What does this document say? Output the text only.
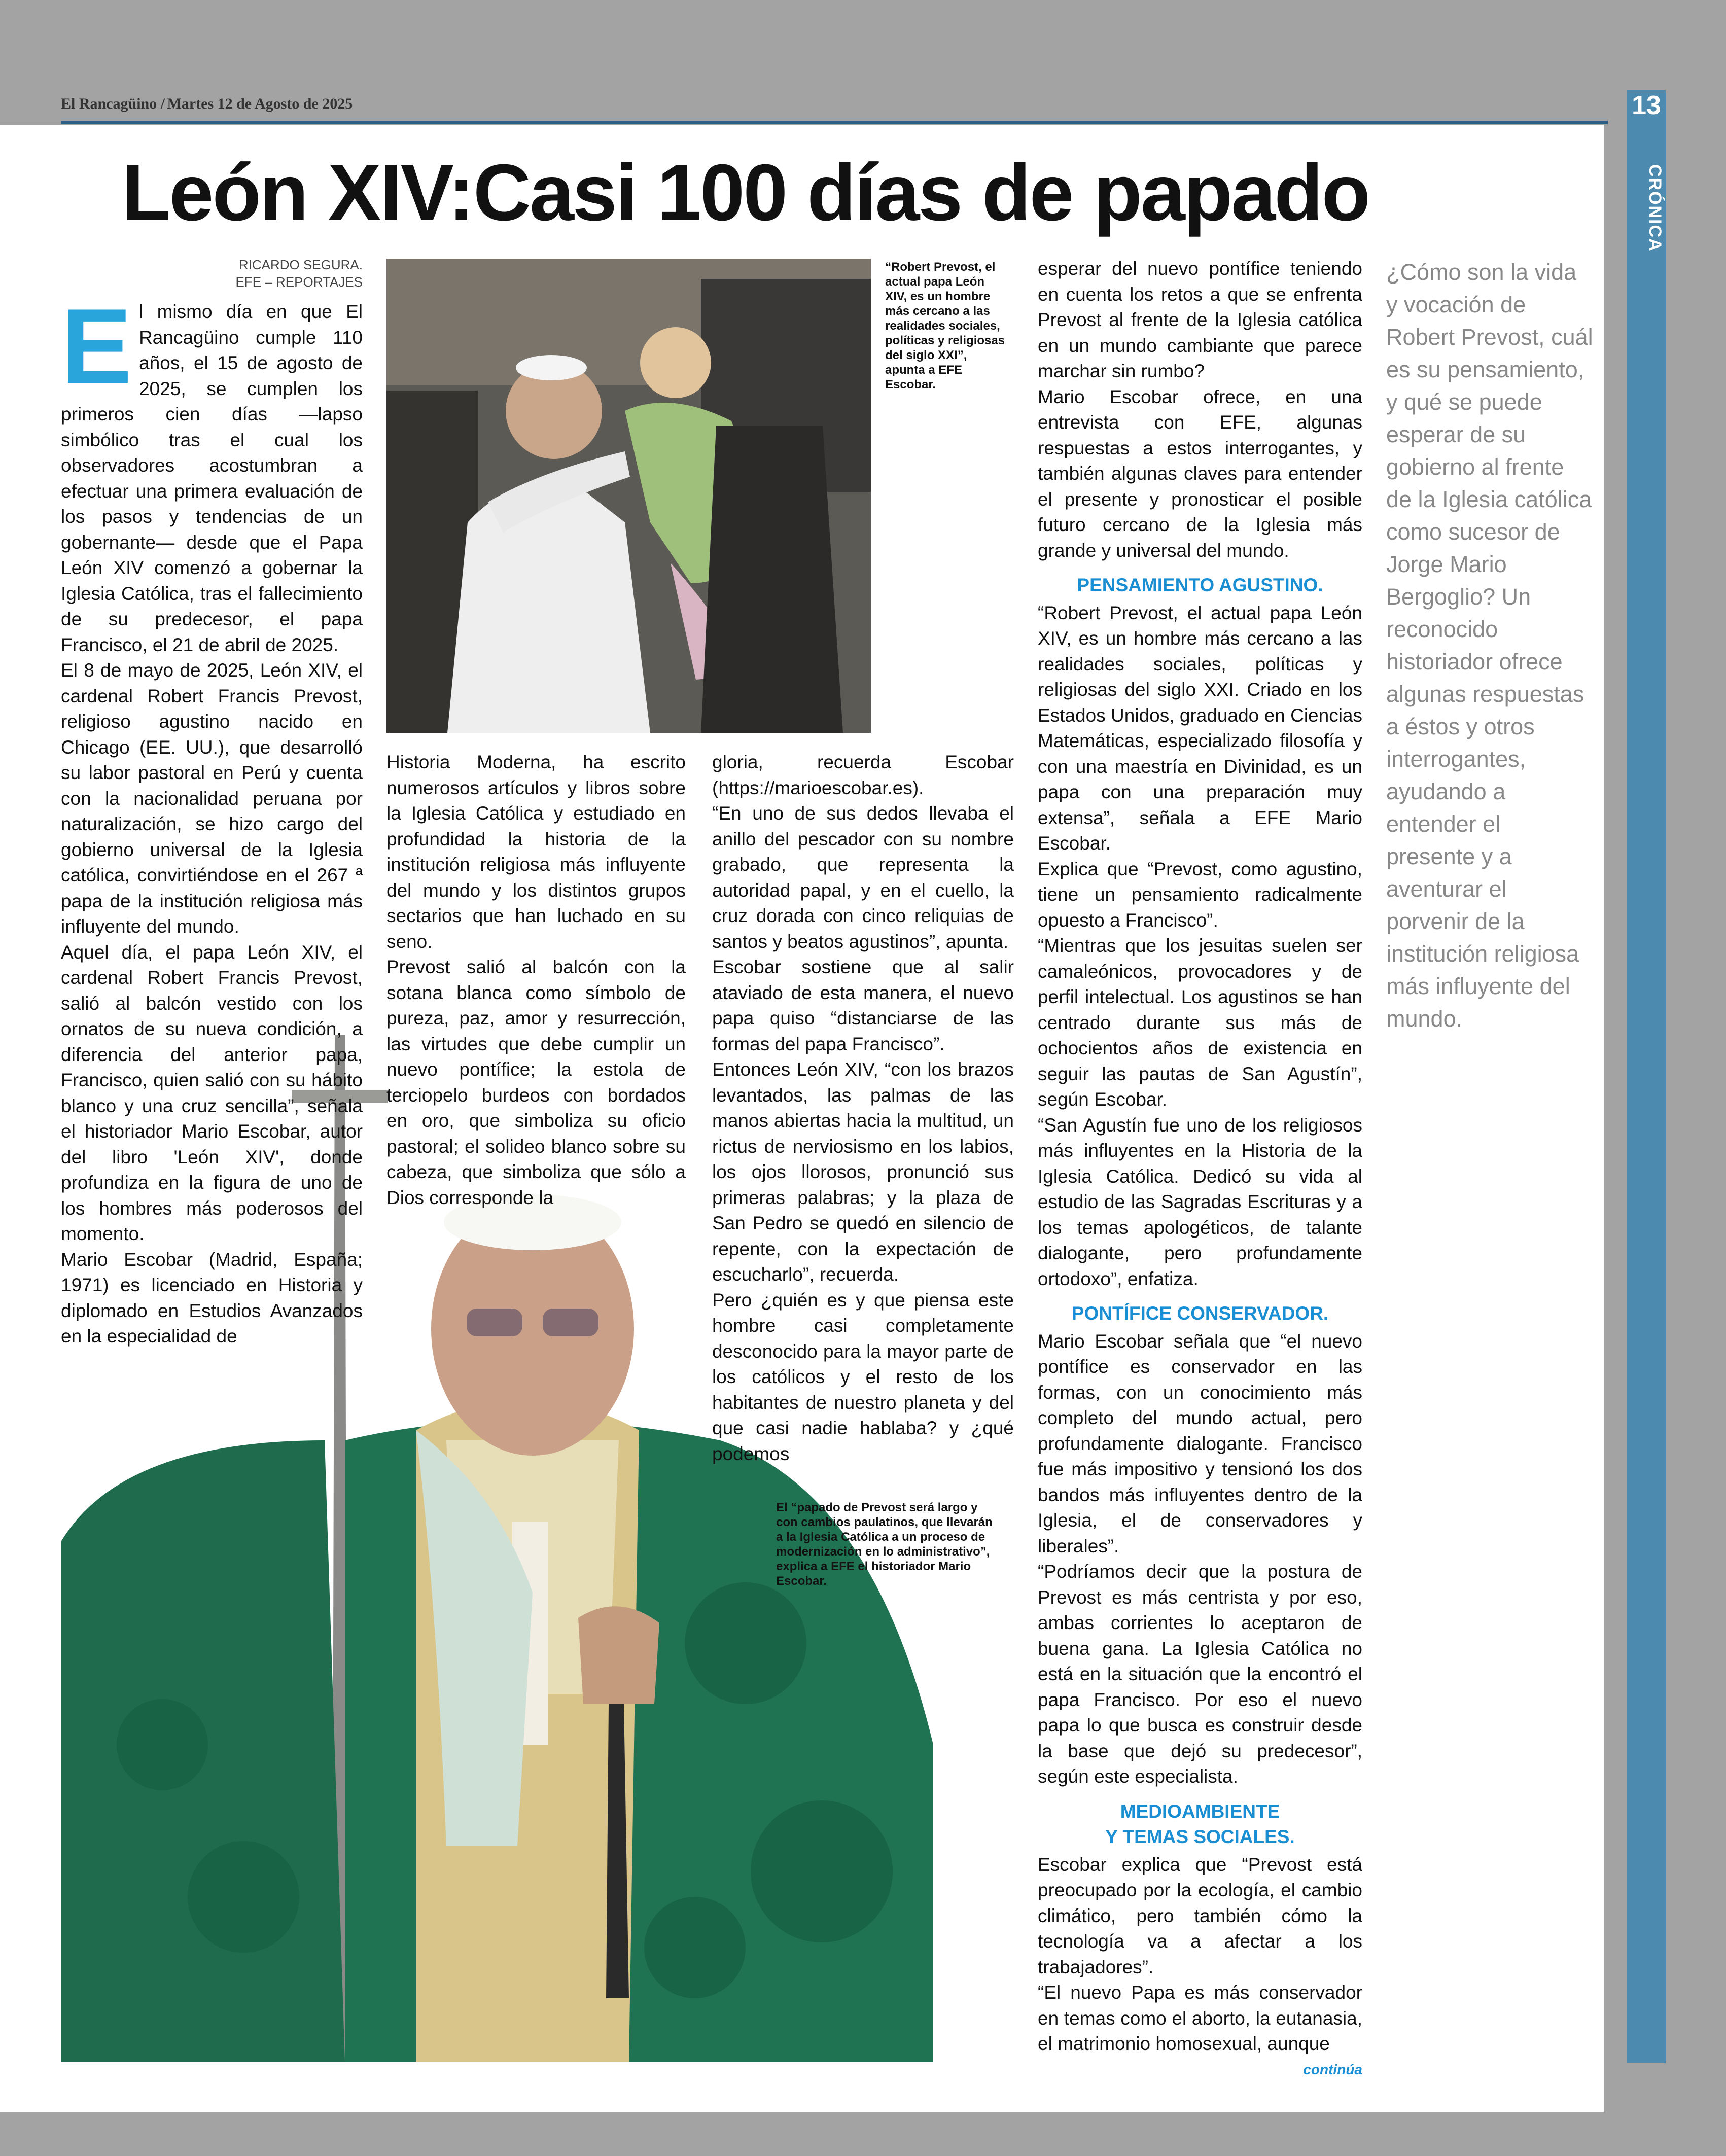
El Rancagüino / Martes 12 de Agosto de 2025	13
CRÓNICA
León XIV:Casi 100 días de papado
RICARDO SEGURA.
EFE – REPORTAJES
“Robert Prevost, el actual papa León XIV, es un hombre más cercano a las realidades sociales, políticas y religiosas del siglo XXI”, apunta a EFE Escobar.

El mismo día en que El Rancagüino cumple 110 años, el 15 de agosto de 2025, se cumplen los primeros cien días —lapso simbólico tras el cual los observadores acostumbran a efectuar una primera evaluación de los pasos y tendencias de un gobernante— desde que el Papa León XIV comenzó a gobernar la Iglesia Católica, tras el fallecimiento de su predecesor, el papa Francisco, el 21 de abril de 2025.

El 8 de mayo de 2025, León XIV, el cardenal Robert Francis Prevost, religioso agustino nacido en Chicago (EE. UU.), que desarrolló su labor pastoral en Perú y cuenta con la nacionalidad peruana por naturalización, se hizo cargo del gobierno universal de la Iglesia católica, convirtiéndose en el 267 ª papa de la institución religiosa más influyente del mundo.

Aquel día, el papa León XIV, el cardenal Robert Francis Prevost, salió al balcón vestido con los ornatos de su nueva condición, a diferencia del anterior papa, Francisco, quien salió con su hábito blanco y una cruz sencilla”, señala el historiador Mario Escobar, autor del libro 'León XIV', donde profundiza en la figura de uno de los hombres más poderosos del momento.

Mario Escobar (Madrid, España; 1971) es licenciado en Historia y diplomado en Estudios Avanzados en la especialidad de

Historia Moderna, ha escrito numerosos artículos y libros sobre la Iglesia Católica y estudiado en profundidad la historia de la institución religiosa más influyente del mundo y los distintos grupos sectarios que han luchado en su seno.

Prevost salió al balcón con la sotana blanca como símbolo de pureza, paz, amor y resurrección, las virtudes que debe cumplir un nuevo pontífice; la estola de terciopelo burdeos con bordados en oro, que simboliza su oficio pastoral; el solideo blanco sobre su cabeza, que simboliza que sólo a Dios corresponde la

gloria, recuerda Escobar (https://marioescobar.es).

“En uno de sus dedos llevaba el anillo del pescador con su nombre grabado, que representa la autoridad papal, y en el cuello, la cruz dorada con cinco reliquias de santos y beatos agustinos”, apunta.

Escobar sostiene que al salir ataviado de esta manera, el nuevo papa quiso “distanciarse de las formas del papa Francisco”.

Entonces León XIV, “con los brazos levantados, las palmas de las manos abiertas hacia la multitud, un rictus de nerviosismo en los labios, los ojos llorosos, pronunció sus primeras palabras; y la plaza de San Pedro se quedó en silencio de repente, con la expectación de escucharlo”, recuerda.

Pero ¿quién es y que piensa este hombre casi completamente desconocido para la mayor parte de los católicos y el resto de los habitantes de nuestro planeta y del que casi nadie hablaba? y ¿qué podemos

El “papado de Prevost será largo y con cambios paulatinos, que llevarán a la Iglesia Católica a un proceso de modernización en lo administrativo”, explica a EFE el historiador Mario Escobar.

esperar del nuevo pontífice teniendo en cuenta los retos a que se enfrenta Prevost al frente de la Iglesia católica en un mundo cambiante que parece marchar sin rumbo?

Mario Escobar ofrece, en una entrevista con EFE, algunas respuestas a estos interrogantes, y también algunas claves para entender el presente y pronosticar el posible futuro cercano de la Iglesia más grande y universal del mundo.

PENSAMIENTO AGUSTINO.

“Robert Prevost, el actual papa León XIV, es un hombre más cercano a las realidades sociales, políticas y religiosas del siglo XXI. Criado en los Estados Unidos, graduado en Ciencias Matemáticas, especializado filosofía y con una maestría en Divinidad, es un papa con una preparación muy extensa”, señala a EFE Mario Escobar.

Explica que “Prevost, como agustino, tiene un pensamiento radicalmente opuesto a Francisco”.

“Mientras que los jesuitas suelen ser camaleónicos, provocadores y de perfil intelectual. Los agustinos se han centrado durante sus más de ochocientos años de existencia en seguir las pautas de San Agustín”, según Escobar.

“San Agustín fue uno de los religiosos más influyentes en la Historia de la Iglesia Católica. Dedicó su vida al estudio de las Sagradas Escrituras y a los temas apologéticos, de talante dialogante, pero profundamente ortodoxo”, enfatiza.

PONTÍFICE CONSERVADOR.

Mario Escobar señala que “el nuevo pontífice es conservador en las formas, con un conocimiento más completo del mundo actual, pero profundamente dialogante. Francisco fue más impositivo y tensionó los dos bandos más influyentes dentro de la Iglesia, el de conservadores y liberales”.

“Podríamos decir que la postura de Prevost es más centrista y por eso, ambas corrientes lo aceptaron de buena gana. La Iglesia Católica no está en la situación que la encontró el papa Francisco. Por eso el nuevo papa lo que busca es construir desde la base que dejó su predecesor”, según este especialista.

MEDIOAMBIENTE
Y TEMAS SOCIALES.

Escobar explica que “Prevost está preocupado por la ecología, el cambio climático, pero también cómo la tecnología va a afectar a los trabajadores”.

“El nuevo Papa es más conservador en temas como el aborto, la eutanasia, el matrimonio homosexual, aunque

continúa
¿Cómo son la vida y vocación de Robert Prevost, cuál es su pensamiento, y qué se puede esperar de su gobierno al frente de la Iglesia católica como sucesor de Jorge Mario Bergoglio? Un reconocido historiador ofrece algunas respuestas a éstos y otros interrogantes, ayudando a entender el presente y a aventurar el porvenir de la institución religiosa más influyente del mundo.
